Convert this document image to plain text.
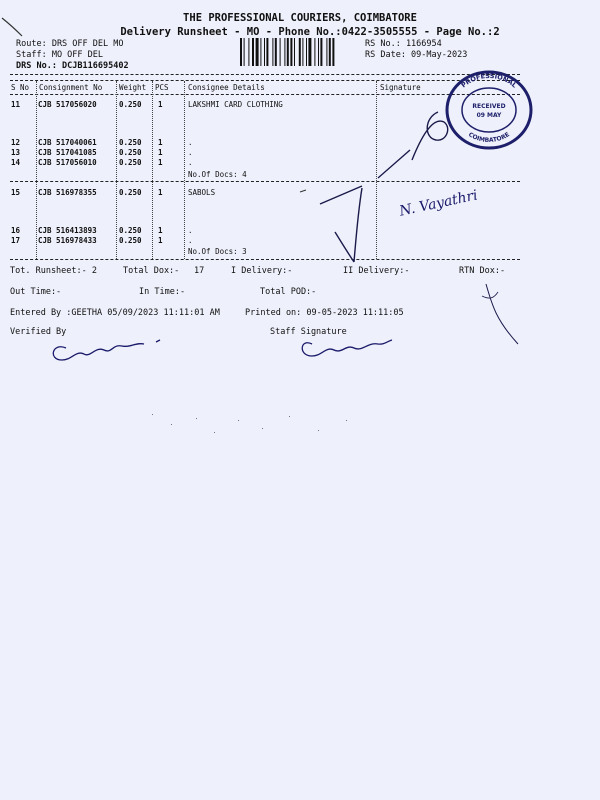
THE PROFESSIONAL COURIERS, COIMBATORE
Delivery Runsheet - MO - Phone No.:0422-3505555 - Page No.:2
Route: DRS OFF DEL MO
Staff: MO OFF DEL
DRS No.: DCJB116695402
RS No.: 1166954
RS Date: 09-May-2023
S No Consignment No Weight PCS	Consignee Details	Signature
11 CJB 517056020	0.250 1	LAKSHMI CARD CLOTHING
12 CJB 517040061	0.250 1	.
13 CJB 517041085	0.250 1	.
14 CJB 517056010	0.250 1	.
No.Of Docs: 4
15 CJB 516978355	0.250 1	SABOLS
16 CJB 516413893	0.250 1	.
17 CJB 516978433	0.250 1	.
No.Of Docs: 3
Tot. Runsheet:- 2	Total Dox:- 17	I Delivery:-	II Delivery:-	RTN Dox:-
Out Time:-	In Time:-	Total POD:-
Entered By :GEETHA 05/09/2023 11:11:01 AM	Printed on: 09-05-2023 11:11:05
Verified By	Staff Signature
PROFESSIONAL
COIMBATORE
RECEIVED
09 MAY
N. Vayathri
